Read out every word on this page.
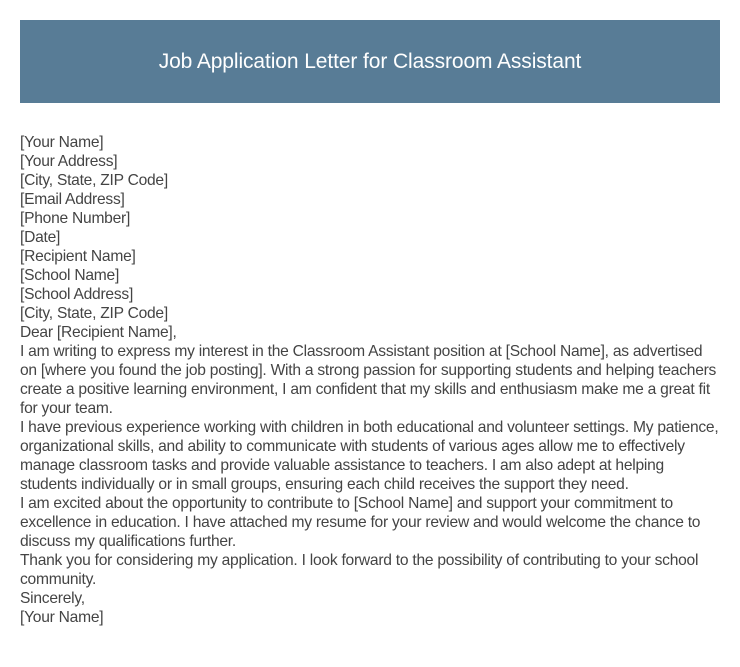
Job Application Letter for Classroom Assistant

[Your Name]

[Your Address]

[City, State, ZIP Code]

[Email Address]

[Phone Number]

[Date]

[Recipient Name]

[School Name]

[School Address]

[City, State, ZIP Code]

Dear [Recipient Name],

I am writing to express my interest in the Classroom Assistant position at [School Name], as advertised on [where you found the job posting]. With a strong passion for supporting students and helping teachers create a positive learning environment, I am confident that my skills and enthusiasm make me a great fit for your team.

I have previous experience working with children in both educational and volunteer settings. My patience, organizational skills, and ability to communicate with students of various ages allow me to effectively manage classroom tasks and provide valuable assistance to teachers. I am also adept at helping students individually or in small groups, ensuring each child receives the support they need.

I am excited about the opportunity to contribute to [School Name] and support your commitment to excellence in education. I have attached my resume for your review and would welcome the chance to discuss my qualifications further.

Thank you for considering my application. I look forward to the possibility of contributing to your school community.

Sincerely,

[Your Name]
